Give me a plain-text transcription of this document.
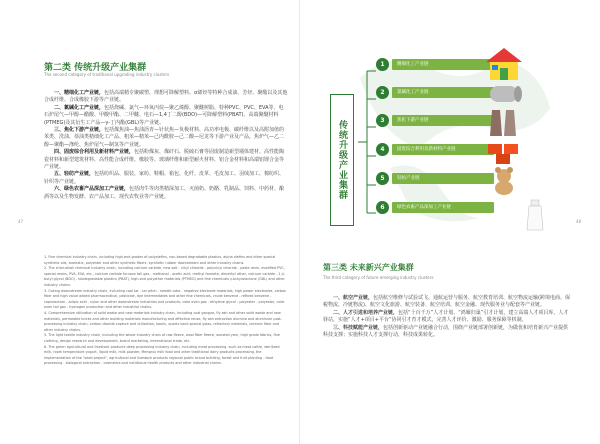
第二类 传统升级产业集群
The second category of traditional upgrading industry clusters

一、精细化工产业链，包括高端精专聚碳塑、理想可降解塑料、α烯烃等特种合成油、芳烃、聚酯以及其他合成纤维、合成橡胶下游等产业链。

二、氯碱化工产业链，包括烧碱、氯气—环氧丙烷—聚乙烯醇、聚醚树脂、特种PVC、PVC、EVA等、电石炉尾气—甲醇—醋酸、甲酸甲酯、二甲醚、电石—1,4丁二醇(BDO)—可降解塑料(PBAT)、高端聚醚材料(PTMEG)及其衍生工产品—γ-丁内酯(GBL)等产业链。

三、焦化下游产业链，包括煤焦油—焦油沥青—针状焦—负极材料、高功率电极、碳纤维以及高附加值的苯类、洗油、萘油类精细化工产品、粗苯—精苯—己内酰胺—己二酸—尼龙等下游产业及产品。焦炉气—乙二醇—聚酯—涤纶、焦炉尾气—制氢等产业链。

四、固废综合利用及新材料产业链，包括粉煤灰、煤矸石、脱硫石膏等固废制造新型墙体建材、高性能陶瓷材料和新型建筑材料、高性能合成纤维、橡胶等、玻璃纤维和新型耐火材料、铝合金材料和高端铝锂合金等产业链。

五、轻纺产业链，包括纺织品、服装、家纺、鞋帽、箱包、化纤、皮革、毛皮加工、羽绒加工、棉纺织、针织等产业链。

六、绿色农畜产品深加工产业链，包括肉牛等肉类精深加工、灭菌奶、奶酪、乳制品、饲料、中药材、酿酒等以及生物发酵、农产品加工、现代农牧业等产业链。

1. Fine chemical industry chain, including high-end grades of polyolefins, non-based degradable plastics, alpha olefins and other special synthetic oils, aromatic, polyester and other synthetic fibers, synthetic rubber downstream and other industry chains.

2. The chlor-alkali chemical industry chain, including calcium carbide, new salt - vinyl chloride - polyvinyl chloride - paste resin, modified PVC, special resins, PVA, EVA, etc., calcium carbide furnace tail gas - methanol - acetic acid, methyl formate, dimethyl ether, calcium carbide - 1,4-butyl glycol (BDO) - biodegradable plastics (PBAT), high-end polyether materials (PTMEG) and fine chemicals γ-butyrolactone (GBL) and other industry chains.

3. Coking downstream industry chain, including coal tar - tar pitch - needle coke - negative electrode materials, high power electrodes, carbon fiber and high value added pharmaceutical, pesticide, dye intermediates and other fine chemicals, crude benzene - refined benzene - caprolactam - adipic acid - nylon and other downstream industries and products, coke oven gas - ethylene glycol - polyester - polyester, coke oven tail gas - hydrogen production and other industrial chains.

4. Comprehensive utilization of solid waste and new materials industry chain, including coal gangue, fly ash and other solid waste and new materials, permeable bricks and other building materials manufacturing and effective reuse, fly ash extraction alumina and aluminum post-processing industry chain, carbon dioxide capture and utilization, kaolin, quartz sand special glass, refractory materials, ceramic fiber and other industry chains.

5. The light textile industry chain, including the whole industry chain of raw fleece, wool fiber fleece, worsted yarn, high grade fabrics, fine clothing, design research and development, brand marketing, international trade, etc.

6. The green agricultural and livestock products deep processing industry chain, including meat processing, such as meat cattle, sterilized milk, room temperature yogurt, liquid milk, milk powder, Mengniu milk food and other traditional dairy products processing, the implementation of the "seed project", agricultural and livestock products regional public brand building, forest and fruit planting - food processing - biological extraction - cosmetics and nutritional health products and other industrial chains.

47
传统升级产业集群
1	精细化工产业链
2	氯碱化工产业链
3	焦化下游产业链
4	固废综合利用及新材料产业链
5	轻纺产业链
6	绿色农畜产品深加工产业链
第三类 未来新兴产业集群
The third category of future emerging industry clusters

一、航空产业链，包括航空维修与试验试飞、通航运营与服务、航空教育培训、航空物流运输(跨境电商、保税物流、冷链物流)、航空文化旅游、航空装备、航空培训、航空金融、现代服务业与配套等产业链。

二、人才引进和培养产业链，包括“十百千万”人才计划、“鸿雁归巢”引才计划，建立高端人才项目库、人才驿站，实施“人才+项目+平台”协同引才育才模式，完善人才评价、激励、服务保障等机制。

三、科技赋能产业链，包括创新驱动产业链融合行动，围绕产业链部署创新链，为做优和培育新兴产业提供科技支撑；实施科技人才支撑行动，科技成果转化。

48
